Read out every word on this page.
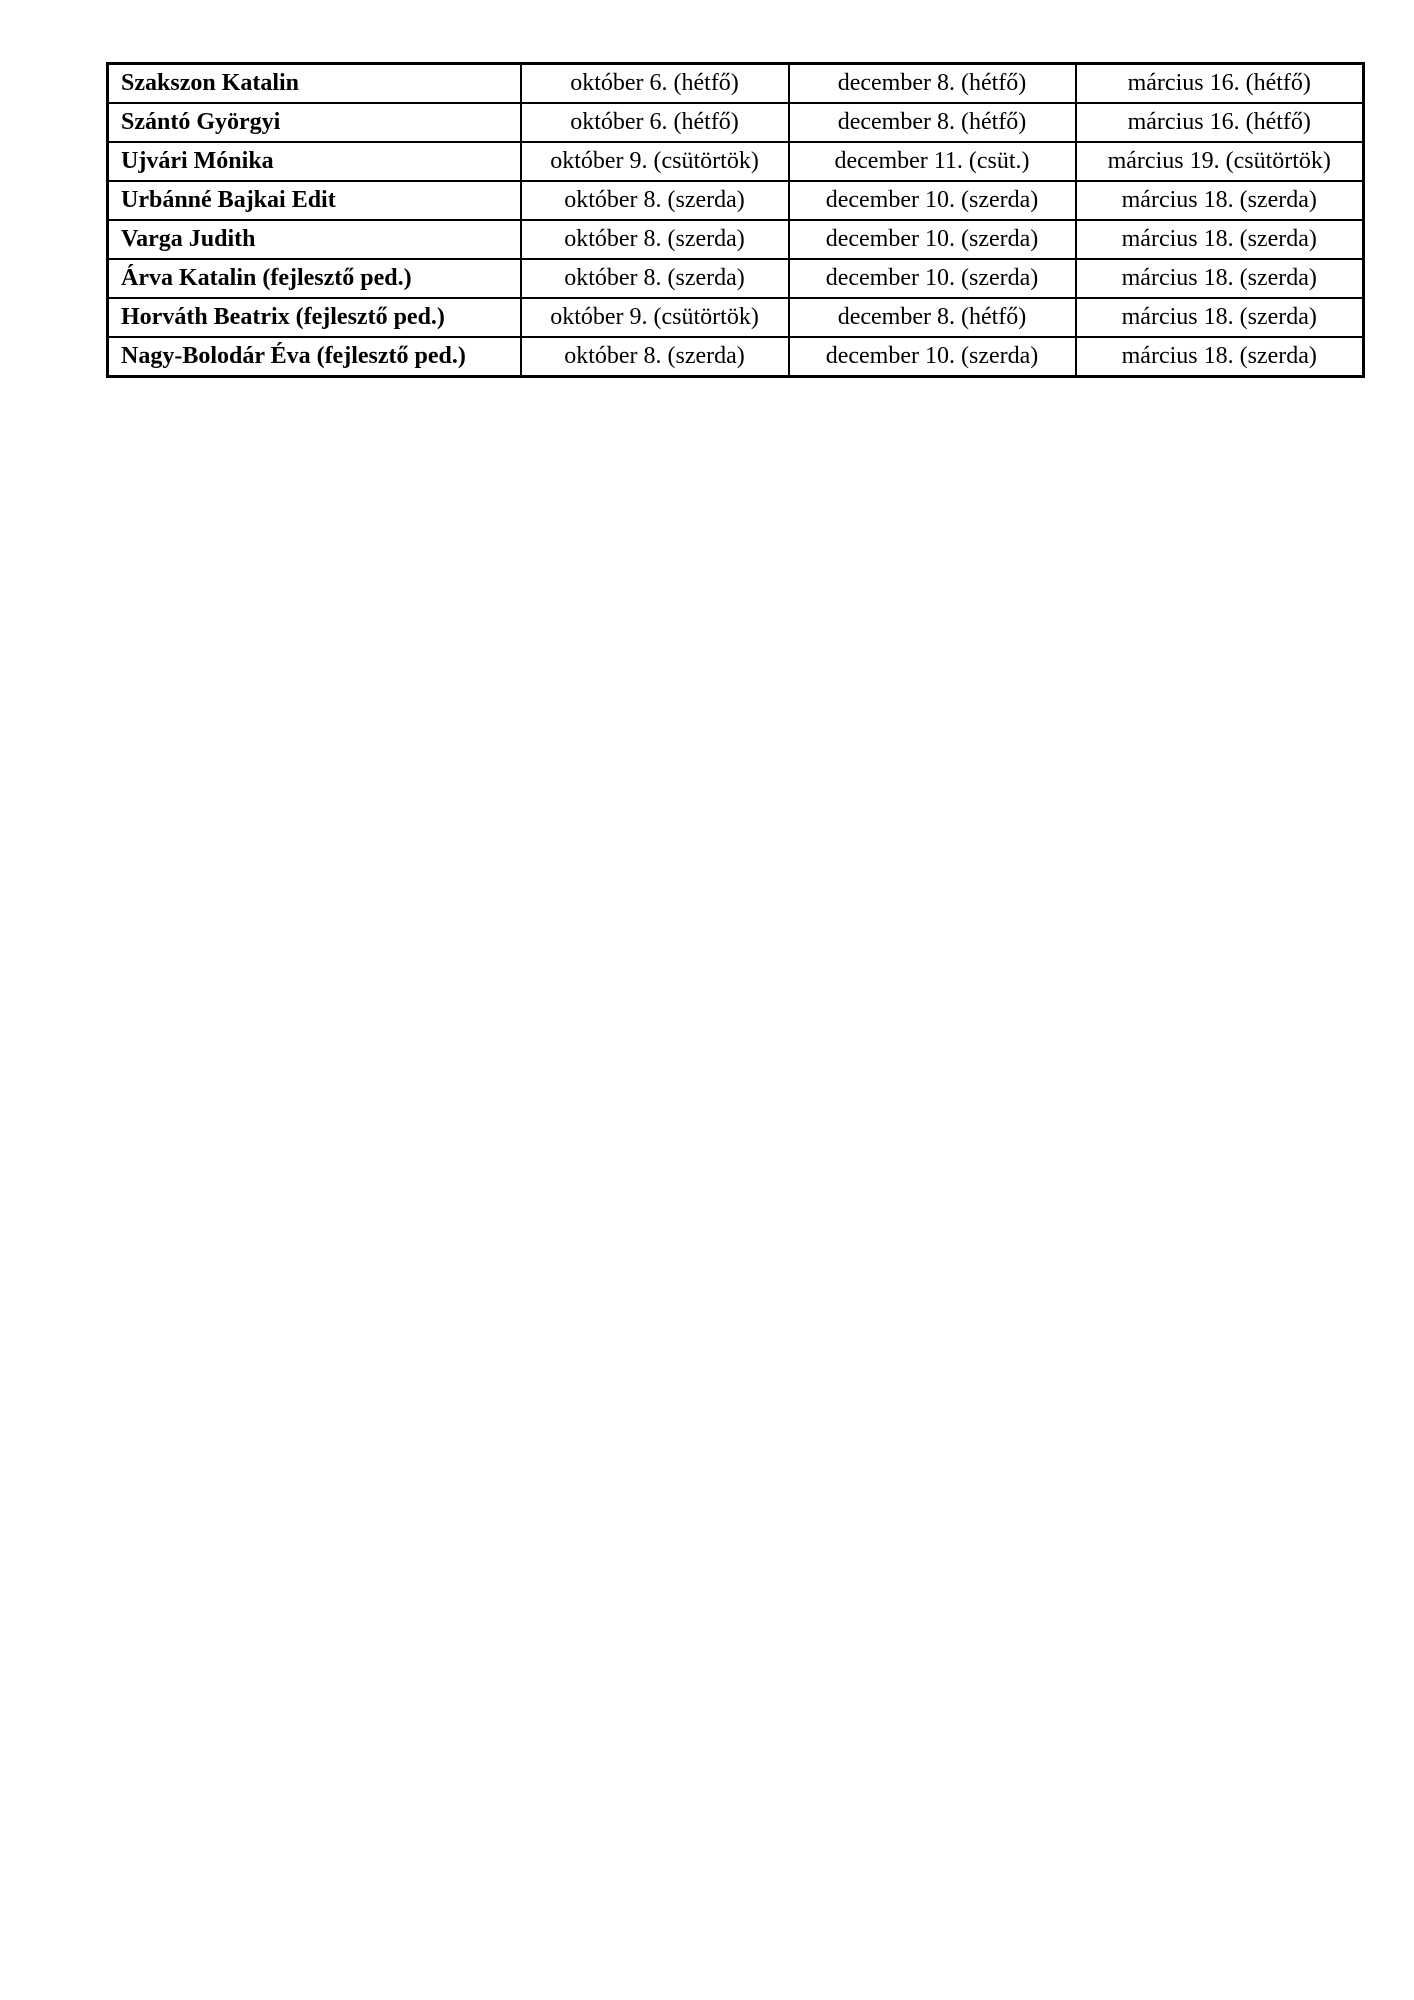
Szakszon Katalin	október 6. (hétfő)	december 8. (hétfő)	március 16. (hétfő)
Szántó Györgyi	október 6. (hétfő)	december 8. (hétfő)	március 16. (hétfő)
Ujvári Mónika	október 9. (csütörtök)	december 11. (csüt.)	március 19. (csütörtök)
Urbánné Bajkai Edit	október 8. (szerda)	december 10. (szerda)	március 18. (szerda)
Varga Judith	október 8. (szerda)	december 10. (szerda)	március 18. (szerda)
Árva Katalin (fejlesztő ped.)	október 8. (szerda)	december 10. (szerda)	március 18. (szerda)
Horváth Beatrix (fejlesztő ped.)	október 9. (csütörtök)	december 8. (hétfő)	március 18. (szerda)
Nagy-Bolodár Éva (fejlesztő ped.)	október 8. (szerda)	december 10. (szerda)	március 18. (szerda)
